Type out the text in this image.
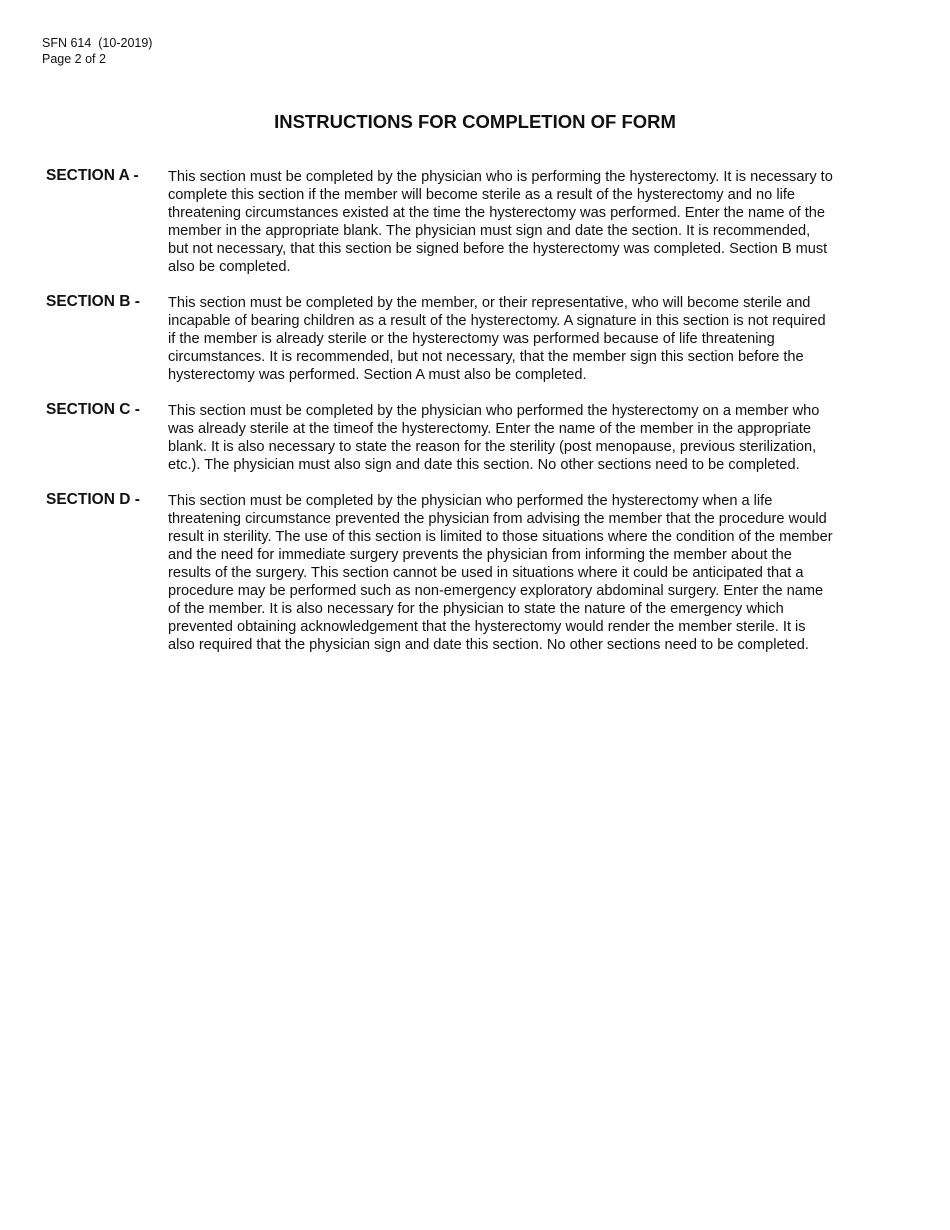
SFN 614  (10-2019)
Page 2 of 2
INSTRUCTIONS FOR COMPLETION OF FORM
SECTION A -	This section must be completed by the physician who is performing the hysterectomy. It is necessary to
complete this section if the member will become sterile as a result of the hysterectomy and no life
threatening circumstances existed at the time the hysterectomy was performed. Enter the name of the
member in the appropriate blank. The physician must sign and date the section. It is recommended,
but not necessary, that this section be signed before the hysterectomy was completed. Section B must
also be completed.
SECTION B -	This section must be completed by the member, or their representative, who will become sterile and
incapable of bearing children as a result of the hysterectomy. A signature in this section is not required
if the member is already sterile or the hysterectomy was performed because of life threatening
circumstances. It is recommended, but not necessary, that the member sign this section before the
hysterectomy was performed. Section A must also be completed.
SECTION C -	This section must be completed by the physician who performed the hysterectomy on a member who
was already sterile at the timeof the hysterectomy. Enter the name of the member in the appropriate
blank. It is also necessary to state the reason for the sterility (post menopause, previous sterilization,
etc.). The physician must also sign and date this section. No other sections need to be completed.
SECTION D -	This section must be completed by the physician who performed the hysterectomy when a life
threatening circumstance prevented the physician from advising the member that the procedure would
result in sterility. The use of this section is limited to those situations where the condition of the member
and the need for immediate surgery prevents the physician from informing the member about the
results of the surgery. This section cannot be used in situations where it could be anticipated that a
procedure may be performed such as non-emergency exploratory abdominal surgery. Enter the name
of the member. It is also necessary for the physician to state the nature of the emergency which
prevented obtaining acknowledgement that the hysterectomy would render the member sterile. It is
also required that the physician sign and date this section. No other sections need to be completed.
